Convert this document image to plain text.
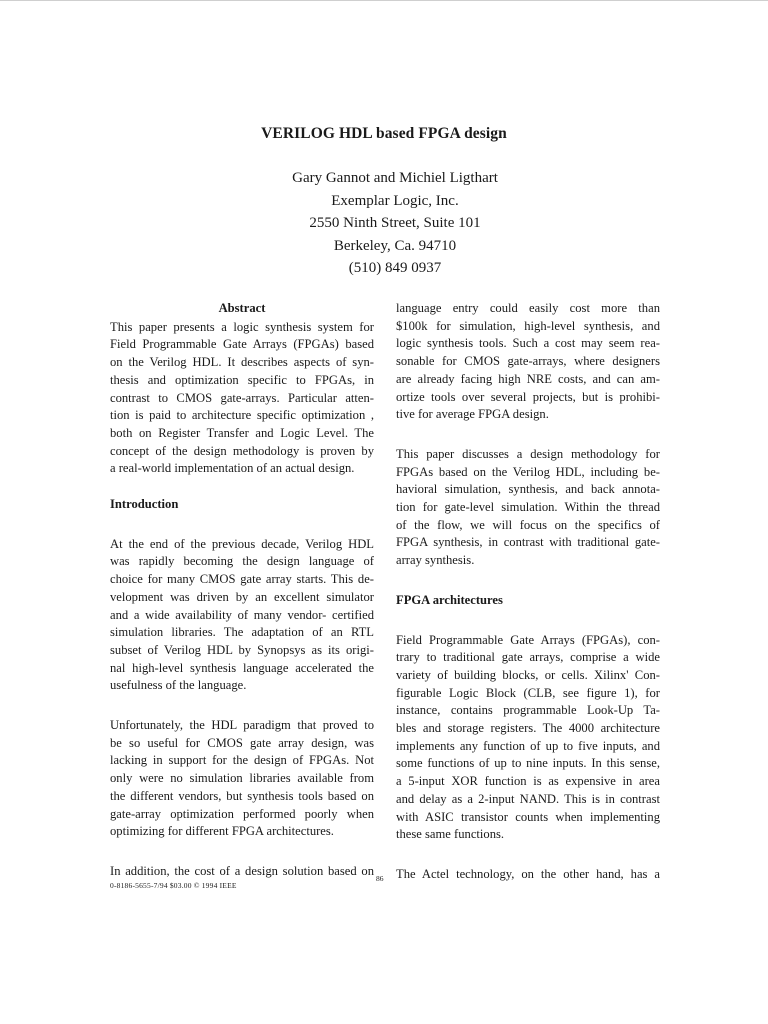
VERILOG HDL based FPGA design
Gary Gannot and Michiel Ligthart
Exemplar Logic, Inc.
2550 Ninth Street, Suite 101
Berkeley, Ca. 94710
(510) 849 0937
Abstract
This paper presents a logic synthesis system for
Field Programmable Gate Arrays (FPGAs) based
on the Verilog HDL. It describes aspects of syn-
thesis and optimization specific to FPGAs, in
contrast to CMOS gate-arrays. Particular atten-
tion is paid to architecture specific optimization ,
both on Register Transfer and Logic Level. The
concept of the design methodology is proven by
a real-world implementation of an actual design.
Introduction
At the end of the previous decade, Verilog HDL
was rapidly becoming the design language of
choice for many CMOS gate array starts. This de-
velopment was driven by an excellent simulator
and a wide availability of many vendor- certified
simulation libraries. The adaptation of an RTL
subset of Verilog HDL by Synopsys as its origi-
nal high-level synthesis language accelerated the
usefulness of the language.
Unfortunately, the HDL paradigm that proved to
be so useful for CMOS gate array design, was
lacking in support for the design of FPGAs. Not
only were no simulation libraries available from
the different vendors, but synthesis tools based on
gate-array optimization performed poorly when
optimizing for different FPGA architectures.
In addition, the cost of a design solution based on
language entry could easily cost more than
$100k for simulation, high-level synthesis, and
logic synthesis tools. Such a cost may seem rea-
sonable for CMOS gate-arrays, where designers
are already facing high NRE costs, and can am-
ortize tools over several projects, but is prohibi-
tive for average FPGA design.
This paper discusses a design methodology for
FPGAs based on the Verilog HDL, including be-
havioral simulation, synthesis, and back annota-
tion for gate-level simulation. Within the thread
of the flow, we will focus on the specifics of
FPGA synthesis, in contrast with traditional gate-
array synthesis.
FPGA architectures
Field Programmable Gate Arrays (FPGAs), con-
trary to traditional gate arrays, comprise a wide
variety of building blocks, or cells. Xilinx' Con-
figurable Logic Block (CLB, see figure 1), for
instance, contains programmable Look-Up Ta-
bles and storage registers. The 4000 architecture
implements any function of up to five inputs, and
some functions of up to nine inputs. In this sense,
a 5-input XOR function is as expensive in area
and delay as a 2-input NAND. This is in contrast
with ASIC transistor counts when implementing
these same functions.
The Actel technology, on the other hand, has a
86
0-8186-5655-7/94 $03.00 © 1994 IEEE
